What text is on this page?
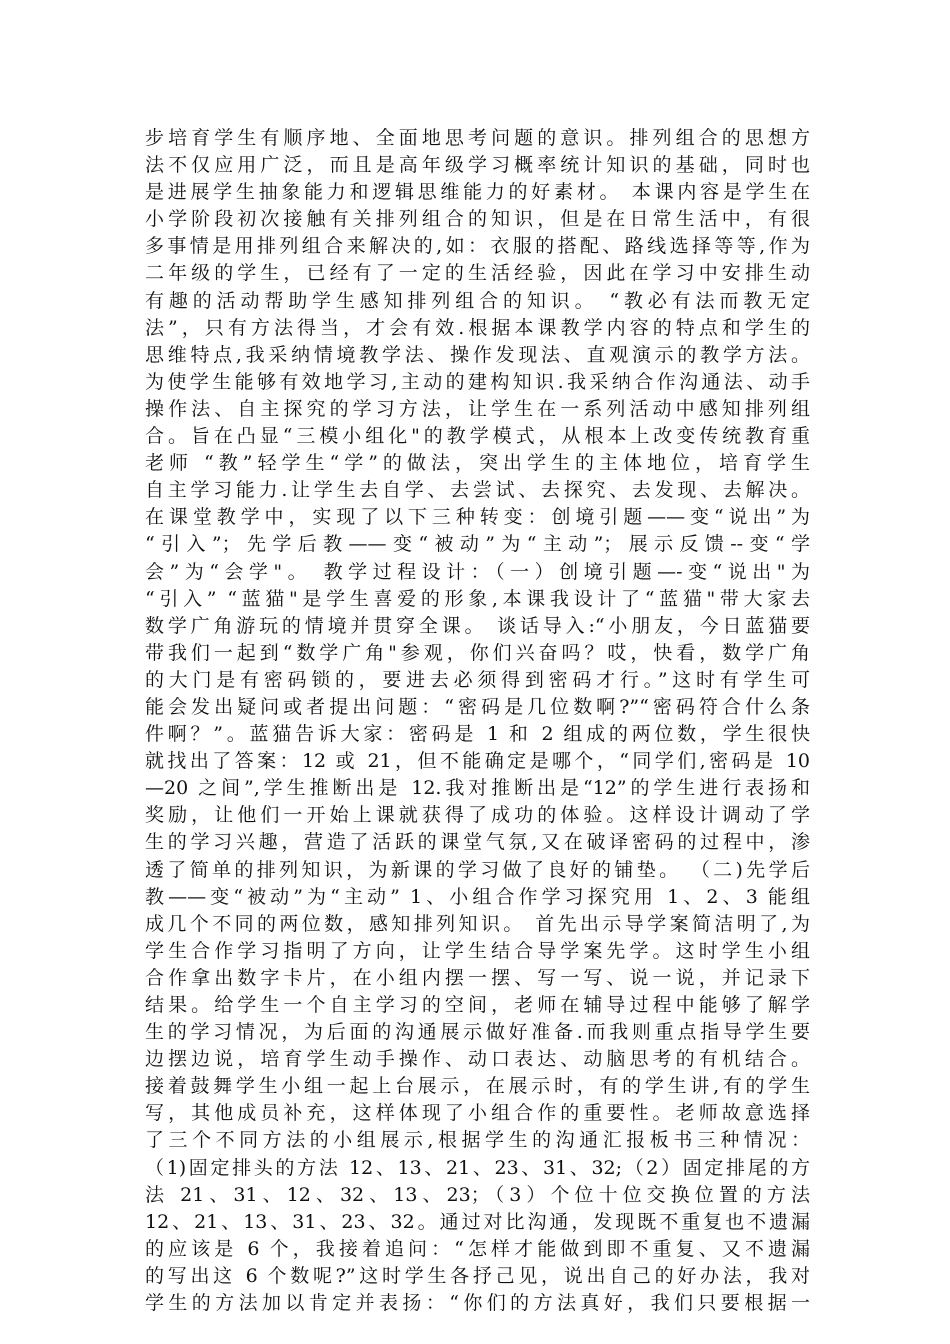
步培育学生有顺序地、全面地思考问题的意识。排列组合的思想方
法不仅应用广泛，而且是高年级学习概率统计知识的基础，同时也
是进展学生抽象能力和逻辑思维能力的好素材。 本课内容是学生在
小学阶段初次接触有关排列组合的知识，但是在日常生活中，有很
多事情是用排列组合来解决的,如：衣服的搭配、路线选择等等,作为
二年级的学生，已经有了一定的生活经验，因此在学习中安排生动
有趣的活动帮助学生感知排列组合的知识。 “教必有法而教无定
法”，只有方法得当，才会有效.根据本课教学内容的特点和学生的
思维特点,我采纳情境教学法、操作发现法、直观演示的教学方法。
为使学生能够有效地学习,主动的建构知识.我采纳合作沟通法、动手
操作法、自主探究的学习方法，让学生在一系列活动中感知排列组
合。旨在凸显“三模小组化"的教学模式，从根本上改变传统教育重
老师 “教”轻学生“学”的做法，突出学生的主体地位，培育学生
自主学习能力.让学生去自学、去尝试、去探究、去发现、去解决。
在课堂教学中，实现了以下三种转变：创境引题——变“说出”为
“引入”；先学后教——变“被动”为“主动”；展示反馈--变“学
会”为“会学"。 教学过程设计：（一）创境引题—-变“说出"为
“引入” “蓝猫"是学生喜爱的形象,本课我设计了“蓝猫"带大家去
数学广角游玩的情境并贯穿全课。 谈话导入:“小朋友，今日蓝猫要
带我们一起到“数学广角"参观，你们兴奋吗？哎，快看，数学广角
的大门是有密码锁的，要进去必须得到密码才行。”这时有学生可
能会发出疑问或者提出问题：“密码是几位数啊?”“密码符合什么条
件啊？”。蓝猫告诉大家：密码是 1 和 2 组成的两位数，学生很快
就找出了答案：12 或 21，但不能确定是哪个，“同学们,密码是 10
—20 之间”,学生推断出是 12.我对推断出是“12”的学生进行表扬和
奖励，让他们一开始上课就获得了成功的体验。这样设计调动了学
生的学习兴趣，营造了活跃的课堂气氛,又在破译密码的过程中，渗
透了简单的排列知识，为新课的学习做了良好的铺垫。 （二)先学后
教——变“被动”为“主动” 1、小组合作学习探究用 1、2、3 能组
成几个不同的两位数，感知排列知识。 首先出示导学案简洁明了,为
学生合作学习指明了方向，让学生结合导学案先学。这时学生小组
合作拿出数字卡片，在小组内摆一摆、写一写、说一说，并记录下
结果。给学生一个自主学习的空间，老师在辅导过程中能够了解学
生的学习情况，为后面的沟通展示做好准备.而我则重点指导学生要
边摆边说，培育学生动手操作、动口表达、动脑思考的有机结合。
接着鼓舞学生小组一起上台展示，在展示时，有的学生讲,有的学生
写，其他成员补充，这样体现了小组合作的重要性。老师故意选择
了三个不同方法的小组展示,根据学生的沟通汇报板书三种情况：
（1)固定排头的方法 12、13、21、23、31、32;（2）固定排尾的方
法 21、31、12、32、13、23；（3）个位十位交换位置的方法
12、21、13、31、23、32。通过对比沟通，发现既不重复也不遗漏
的应该是 6 个，我接着追问：“怎样才能做到即不重复、又不遗漏
的写出这 6 个数呢?”这时学生各抒己见，说出自己的好办法，我对
学生的方法加以肯定并表扬：“你们的方法真好，我们只要根据一
